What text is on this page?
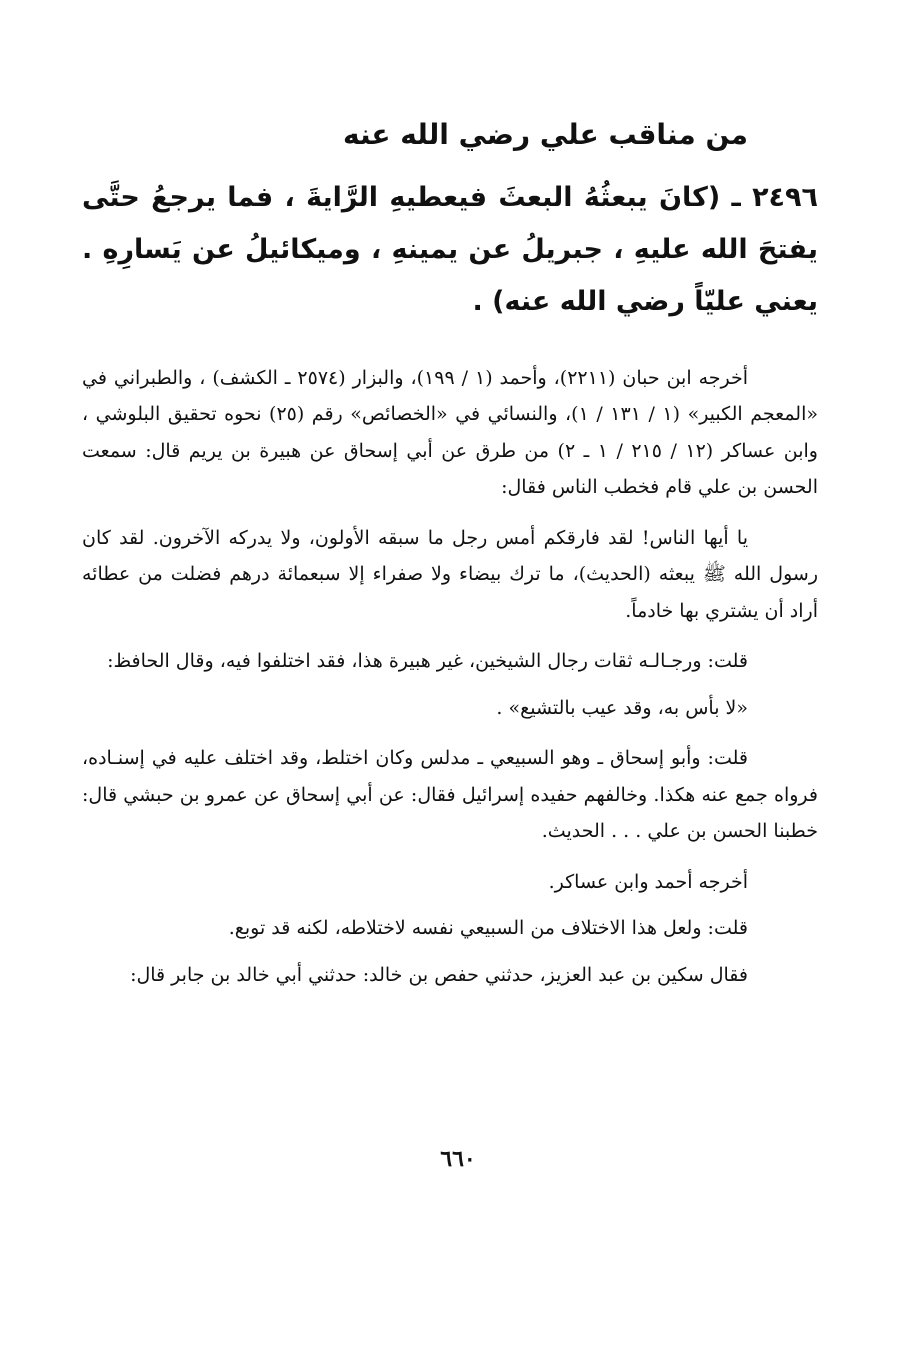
من مناقب علي رضي الله عنه

٢٤٩٦ ـ (كانَ يبعثُهُ البعثَ فيعطيهِ الرَّايةَ ، فما يرجعُ حتَّى يفتحَ الله عليهِ ، جبريلُ عن يمينهِ ، وميكائيلُ عن يَسارِهِ . يعني عليّاً رضي الله عنه) .

أخرجه ابن حبان (٢٢١١)، وأحمد (١ / ١٩٩)، والبزار (٢٥٧٤ ـ الكشف) ، والطبراني في «المعجم الكبير» (١ / ١٣١ / ١)، والنسائي في «الخصائص» رقم (٢٥) نحوه تحقيق البلوشي ، وابن عساكر (١٢ / ٢١٥ / ١ ـ ٢) من طرق عن أبي إسحاق عن هبيرة بن يريم قال: سمعت الحسن بن علي قام فخطب الناس فقال:

يا أيها الناس! لقد فارقكم أمس رجل ما سبقه الأولون، ولا يدركه الآخرون. لقد كان رسول الله ﷺ يبعثه (الحديث)، ما ترك بيضاء ولا صفراء إلا سبعمائة درهم فضلت من عطائه أراد أن يشتري بها خادماً.

قلت: ورجـالـه ثقات رجال الشيخين، غير هبيرة هذا، فقد اختلفوا فيه، وقال الحافظ:

«لا بأس به، وقد عيب بالتشيع» .

قلت: وأبو إسحاق ـ وهو السبيعي ـ مدلس وكان اختلط، وقد اختلف عليه في إسنـاده، فرواه جمع عنه هكذا. وخالفهم حفيده إسرائيل فقال: عن أبي إسحاق عن عمرو بن حبشي قال: خطبنا الحسن بن علي . . . الحديث.

أخرجه أحمد وابن عساكر.

قلت: ولعل هذا الاختلاف من السبيعي نفسه لاختلاطه، لكنه قد توبع.

فقال سكين بن عبد العزيز، حدثني حفص بن خالد: حدثني أبي خالد بن جابر قال:

٦٦٠
